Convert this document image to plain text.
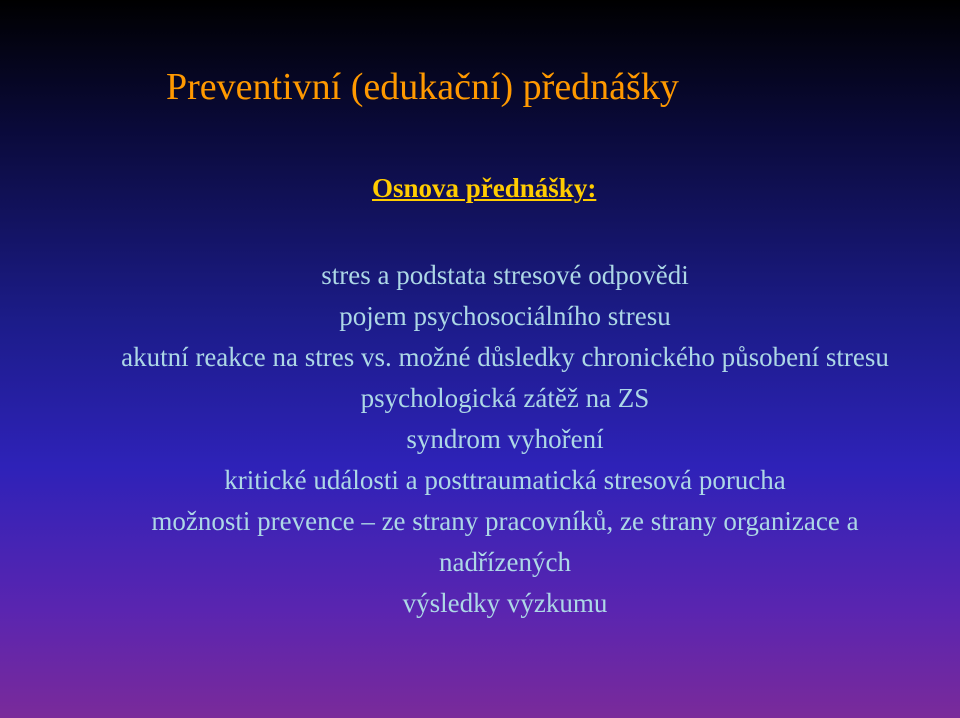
Preventivní (edukační) přednášky
Osnova přednášky:
stres a podstata stresové odpovědi
pojem psychosociálního stresu
akutní reakce na stres vs. možné důsledky chronického působení stresu
psychologická zátěž na ZS
syndrom vyhoření
kritické události a posttraumatická stresová porucha
možnosti prevence – ze strany pracovníků, ze strany organizace a nadřízených
výsledky výzkumu
